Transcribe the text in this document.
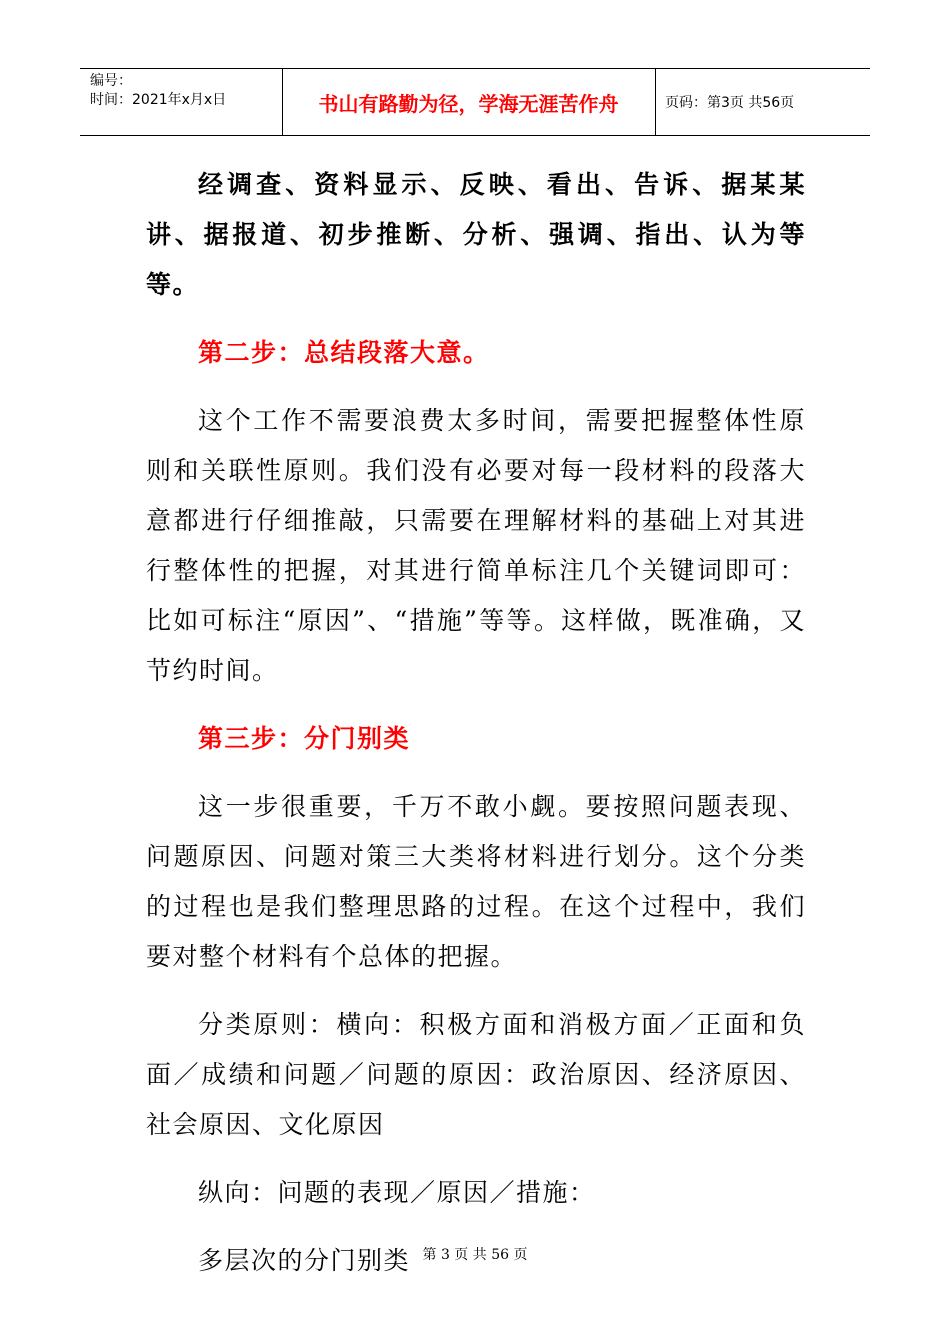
编号：
时间：2021年x月x日	书山有路勤为径，学海无涯苦作舟	页码：第3页 共56页

经调查、资料显示、反映、看出、告诉、据某某讲、据报道、初步推断、分析、强调、指出、认为等等。

第二步：总结段落大意。

这个工作不需要浪费太多时间，需要把握整体性原则和关联性原则。我们没有必要对每一段材料的段落大意都进行仔细推敲，只需要在理解材料的基础上对其进行整体性的把握，对其进行简单标注几个关键词即可：比如可标注“原因”、“措施”等等。这样做，既准确，又节约时间。

第三步：分门别类

这一步很重要，千万不敢小觑。要按照问题表现、问题原因、问题对策三大类将材料进行划分。这个分类的过程也是我们整理思路的过程。在这个过程中，我们要对整个材料有个总体的把握。

分类原则：横向：积极方面和消极方面／正面和负面／成绩和问题／问题的原因：政治原因、经济原因、社会原因、文化原因

纵向：问题的表现／原因／措施：

多层次的分门别类 第 3 页 共 56 页
